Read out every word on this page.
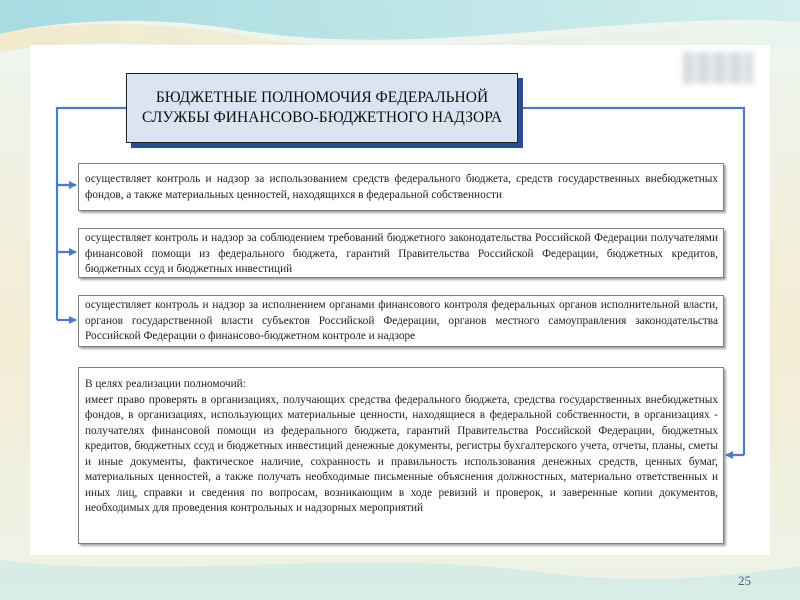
БЮДЖЕТНЫЕ ПОЛНОМОЧИЯ ФЕДЕРАЛЬНОЙ СЛУЖБЫ ФИНАНСОВО-БЮДЖЕТНОГО НАДЗОРА
осуществляет контроль и надзор за использованием средств федерального бюджета, средств государственных внебюджетных фондов, а также материальных ценностей, находящихся в федеральной собственности
осуществляет контроль и надзор за соблюдением требований бюджетного законодательства Российской Федерации получателями финансовой помощи из федерального бюджета, гарантий Правительства Российской Федерации, бюджетных кредитов, бюджетных ссуд и бюджетных инвестиций
осуществляет контроль и надзор за исполнением органами финансового контроля федеральных органов исполнительной власти, органов государственной власти субъектов Российской Федерации, органов местного самоуправления законодательства Российской Федерации о финансово-бюджетном контроле и надзоре
В целях реализации полномочий:
имеет право проверять в организациях, получающих средства федерального бюджета, средства государственных внебюджетных фондов, в организациях, использующих материальные ценности, находящиеся в федеральной собственности, в организациях - получателях финансовой помощи из федерального бюджета, гарантий Правительства Российской Федерации, бюджетных кредитов, бюджетных ссуд и бюджетных инвестиций денежные документы, регистры бухгалтерского учета, отчеты, планы, сметы и иные документы, фактическое наличие, сохранность и правильность использования денежных средств, ценных бумаг, материальных ценностей, а также получать необходимые письменные объяснения должностных, материально ответственных и иных лиц, справки и сведения по вопросам, возникающим в ходе ревизий и проверок, и заверенные копии документов, необходимых для проведения контрольных и надзорных мероприятий
25
